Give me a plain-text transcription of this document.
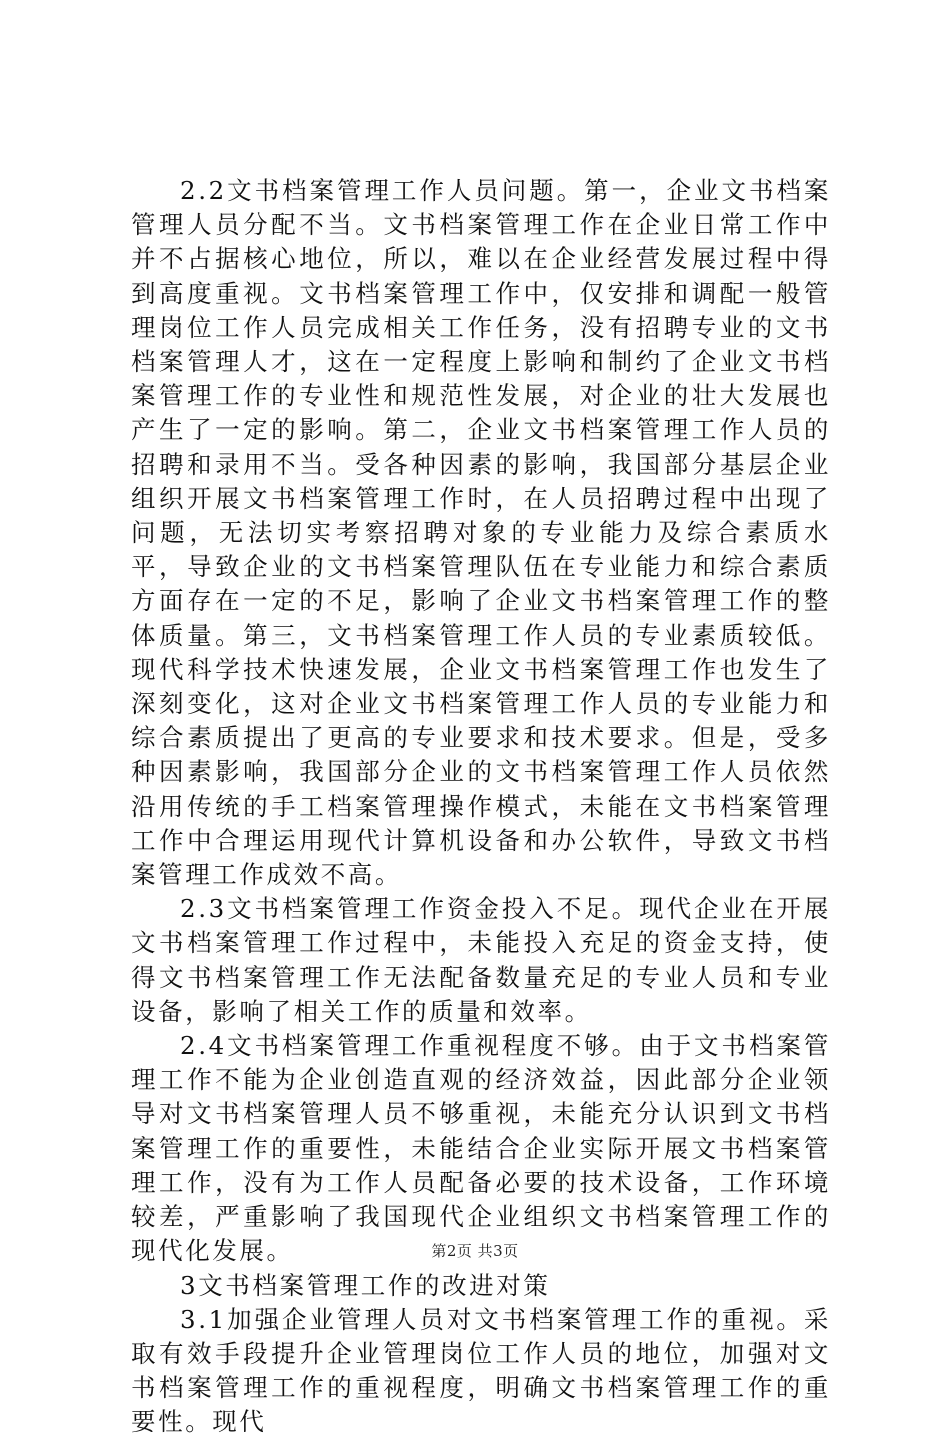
2.2文书档案管理工作人员问题。第一，企业文书档案管理人员分配不当。文书档案管理工作在企业日常工作中并不占据核心地位，所以，难以在企业经营发展过程中得到高度重视。文书档案管理工作中，仅安排和调配一般管理岗位工作人员完成相关工作任务，没有招聘专业的文书档案管理人才，这在一定程度上影响和制约了企业文书档案管理工作的专业性和规范性发展，对企业的壮大发展也产生了一定的影响。第二，企业文书档案管理工作人员的招聘和录用不当。受各种因素的影响，我国部分基层企业组织开展文书档案管理工作时，在人员招聘过程中出现了问题，无法切实考察招聘对象的专业能力及综合素质水平，导致企业的文书档案管理队伍在专业能力和综合素质方面存在一定的不足，影响了企业文书档案管理工作的整体质量。第三，文书档案管理工作人员的专业素质较低。现代科学技术快速发展，企业文书档案管理工作也发生了深刻变化，这对企业文书档案管理工作人员的专业能力和综合素质提出了更高的专业要求和技术要求。但是，受多种因素影响，我国部分企业的文书档案管理工作人员依然沿用传统的手工档案管理操作模式，未能在文书档案管理工作中合理运用现代计算机设备和办公软件，导致文书档案管理工作成效不高。

2.3文书档案管理工作资金投入不足。现代企业在开展文书档案管理工作过程中，未能投入充足的资金支持，使得文书档案管理工作无法配备数量充足的专业人员和专业设备，影响了相关工作的质量和效率。

2.4文书档案管理工作重视程度不够。由于文书档案管理工作不能为企业创造直观的经济效益，因此部分企业领导对文书档案管理人员不够重视，未能充分认识到文书档案管理工作的重要性，未能结合企业实际开展文书档案管理工作，没有为工作人员配备必要的技术设备，工作环境较差，严重影响了我国现代企业组织文书档案管理工作的现代化发展。

3文书档案管理工作的改进对策

3.1加强企业管理人员对文书档案管理工作的重视。采取有效手段提升企业管理岗位工作人员的地位，加强对文书档案管理工作的重视程度，明确文书档案管理工作的重要性。现代

第2页 共3页
